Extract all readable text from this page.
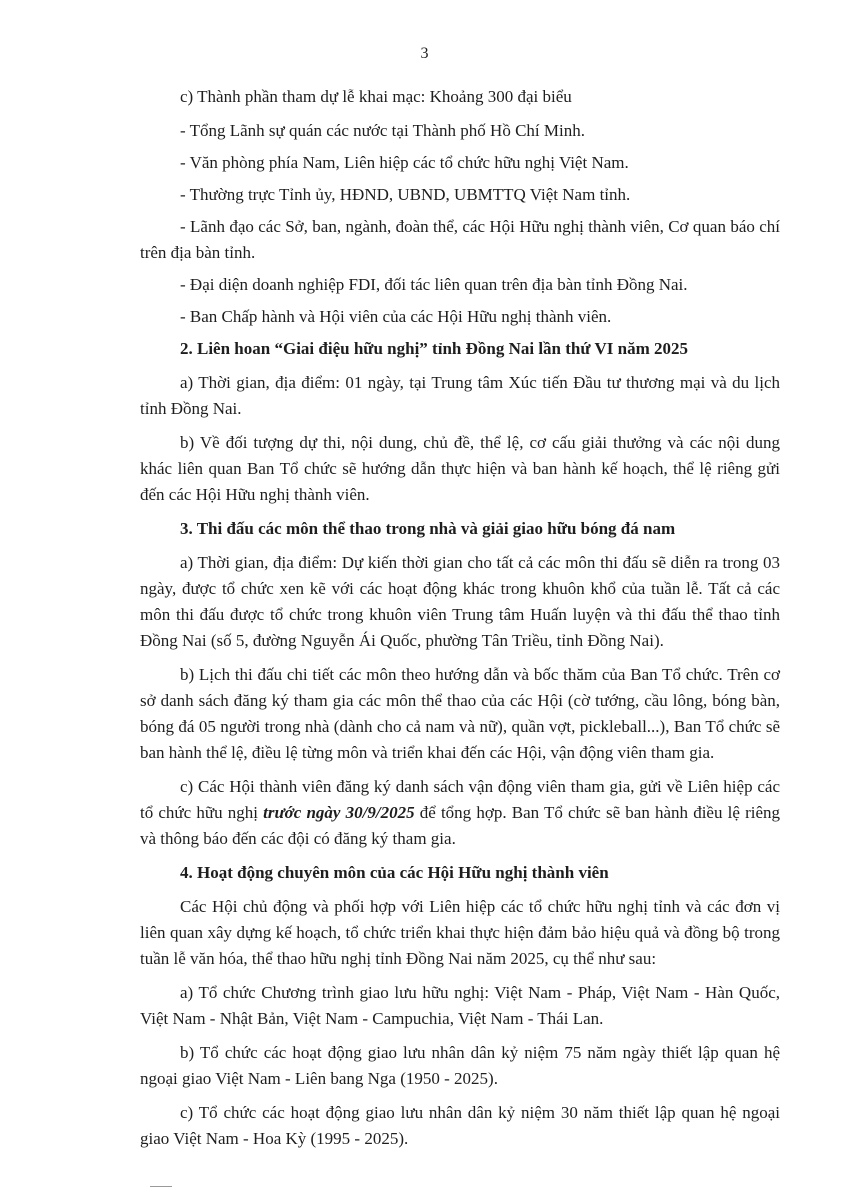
3

c) Thành phần tham dự lễ khai mạc: Khoảng 300 đại biểu

- Tổng Lãnh sự quán các nước tại Thành phố Hồ Chí Minh.

- Văn phòng phía Nam, Liên hiệp các tổ chức hữu nghị Việt Nam.

- Thường trực Tỉnh ủy, HĐND, UBND, UBMTTQ Việt Nam tỉnh.

- Lãnh đạo các Sở, ban, ngành, đoàn thể, các Hội Hữu nghị thành viên, Cơ quan báo chí trên địa bàn tỉnh.

- Đại diện doanh nghiệp FDI, đối tác liên quan trên địa bàn tỉnh Đồng Nai.

- Ban Chấp hành và Hội viên của các Hội Hữu nghị thành viên.

2. Liên hoan “Giai điệu hữu nghị” tỉnh Đồng Nai lần thứ VI năm 2025

a) Thời gian, địa điểm: 01 ngày, tại Trung tâm Xúc tiến Đầu tư thương mại và du lịch tỉnh Đồng Nai.

b) Về đối tượng dự thi, nội dung, chủ đề, thể lệ, cơ cấu giải thưởng và các nội dung khác liên quan Ban Tổ chức sẽ hướng dẫn thực hiện và ban hành kế hoạch, thể lệ riêng gửi đến các Hội Hữu nghị thành viên.

3. Thi đấu các môn thể thao trong nhà và giải giao hữu bóng đá nam

a) Thời gian, địa điểm: Dự kiến thời gian cho tất cả các môn thi đấu sẽ diễn ra trong 03 ngày, được tổ chức xen kẽ với các hoạt động khác trong khuôn khổ của tuần lễ. Tất cả các môn thi đấu được tổ chức trong khuôn viên Trung tâm Huấn luyện và thi đấu thể thao tỉnh Đồng Nai (số 5, đường Nguyễn Ái Quốc, phường Tân Triều, tỉnh Đồng Nai).

b) Lịch thi đấu chi tiết các môn theo hướng dẫn và bốc thăm của Ban Tổ chức. Trên cơ sở danh sách đăng ký tham gia các môn thể thao của các Hội (cờ tướng, cầu lông, bóng bàn, bóng đá 05 người trong nhà (dành cho cả nam và nữ), quần vợt, pickleball...), Ban Tổ chức sẽ ban hành thể lệ, điều lệ từng môn và triển khai đến các Hội, vận động viên tham gia.

c) Các Hội thành viên đăng ký danh sách vận động viên tham gia, gửi về Liên hiệp các tổ chức hữu nghị trước ngày 30/9/2025 để tổng hợp. Ban Tổ chức sẽ ban hành điều lệ riêng và thông báo đến các đội có đăng ký tham gia.

4. Hoạt động chuyên môn của các Hội Hữu nghị thành viên

Các Hội chủ động và phối hợp với Liên hiệp các tổ chức hữu nghị tỉnh và các đơn vị liên quan xây dựng kế hoạch, tổ chức triển khai thực hiện đảm bảo hiệu quả và đồng bộ trong tuần lễ văn hóa, thể thao hữu nghị tỉnh Đồng Nai năm 2025, cụ thể như sau:

a) Tổ chức Chương trình giao lưu hữu nghị: Việt Nam - Pháp, Việt Nam - Hàn Quốc, Việt Nam - Nhật Bản, Việt Nam - Campuchia, Việt Nam - Thái Lan.

b) Tổ chức các hoạt động giao lưu nhân dân kỷ niệm 75 năm ngày thiết lập quan hệ ngoại giao Việt Nam - Liên bang Nga (1950 - 2025).

c) Tổ chức các hoạt động giao lưu nhân dân kỷ niệm 30 năm thiết lập quan hệ ngoại giao Việt Nam - Hoa Kỳ (1995 - 2025).
